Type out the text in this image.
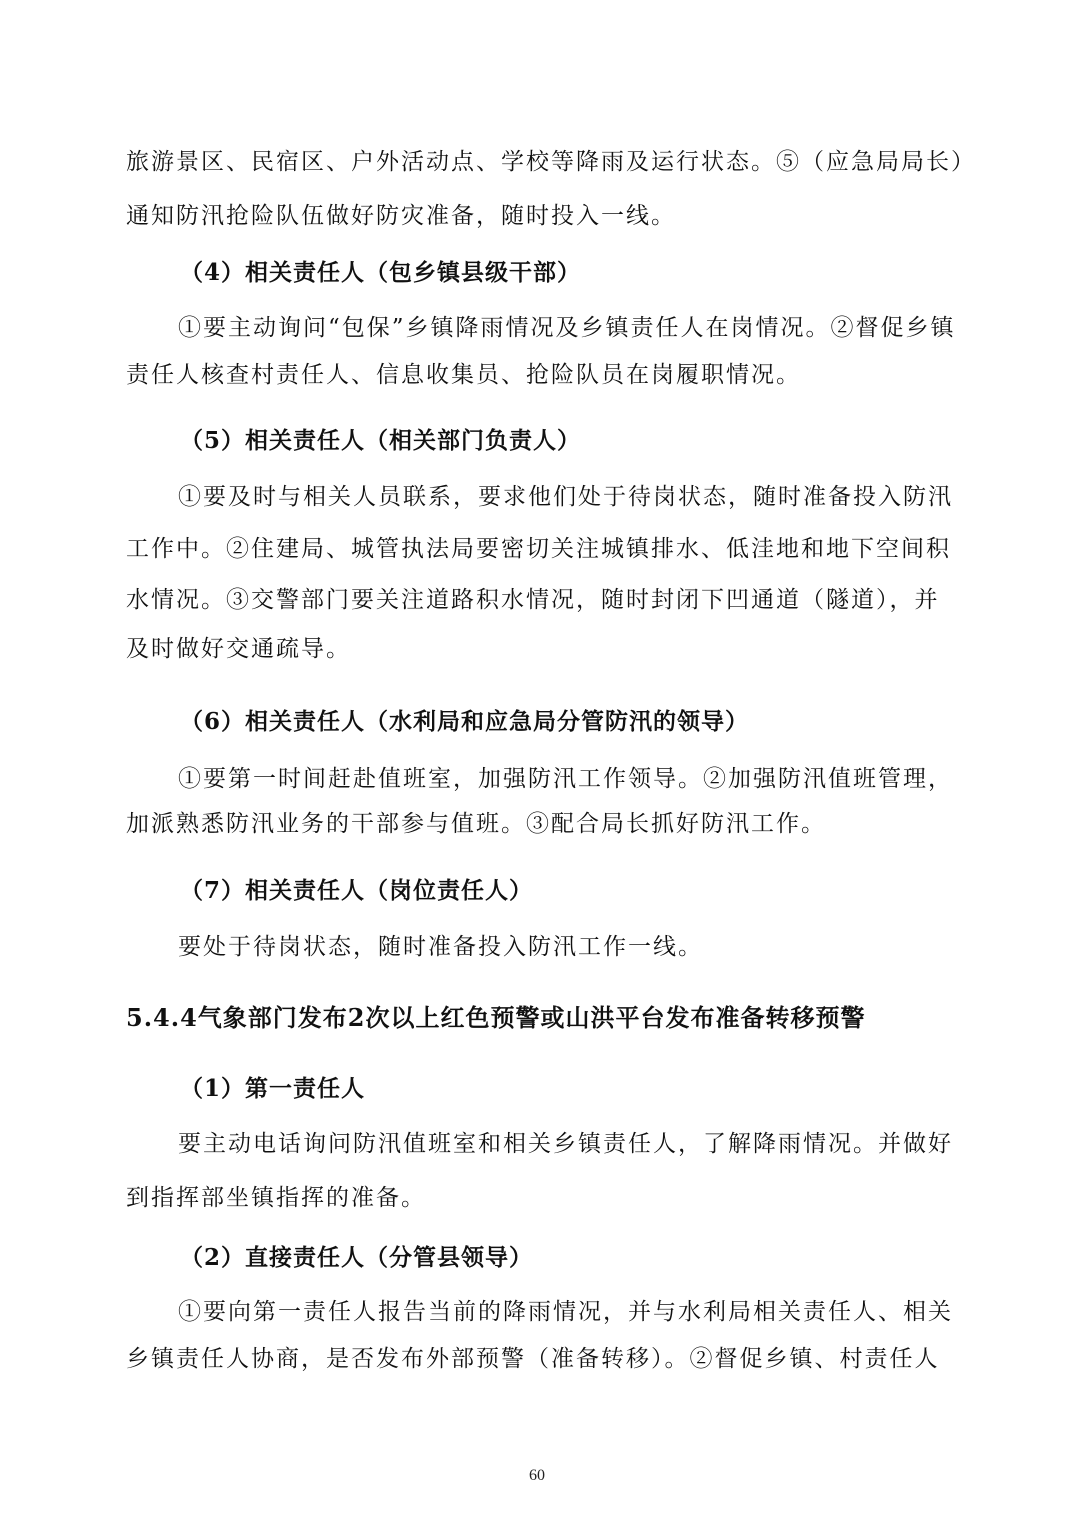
旅游景区、民宿区、户外活动点、学校等降雨及运行状态。⑤（应急局局长）
通知防汛抢险队伍做好防灾准备，随时投入一线。
（4）相关责任人（包乡镇县级干部）
①要主动询问“包保”乡镇降雨情况及乡镇责任人在岗情况。②督促乡镇
责任人核查村责任人、信息收集员、抢险队员在岗履职情况。
（5）相关责任人（相关部门负责人）
①要及时与相关人员联系，要求他们处于待岗状态，随时准备投入防汛
工作中。②住建局、城管执法局要密切关注城镇排水、低洼地和地下空间积
水情况。③交警部门要关注道路积水情况，随时封闭下凹通道（隧道），并
及时做好交通疏导。
（6）相关责任人（水利局和应急局分管防汛的领导）
①要第一时间赶赴值班室，加强防汛工作领导。②加强防汛值班管理，
加派熟悉防汛业务的干部参与值班。③配合局长抓好防汛工作。
（7）相关责任人（岗位责任人）
要处于待岗状态，随时准备投入防汛工作一线。
5.4.4气象部门发布2次以上红色预警或山洪平台发布准备转移预警
（1）第一责任人
要主动电话询问防汛值班室和相关乡镇责任人，了解降雨情况。并做好
到指挥部坐镇指挥的准备。
（2）直接责任人（分管县领导）
①要向第一责任人报告当前的降雨情况，并与水利局相关责任人、相关
乡镇责任人协商，是否发布外部预警（准备转移）。②督促乡镇、村责任人
60
